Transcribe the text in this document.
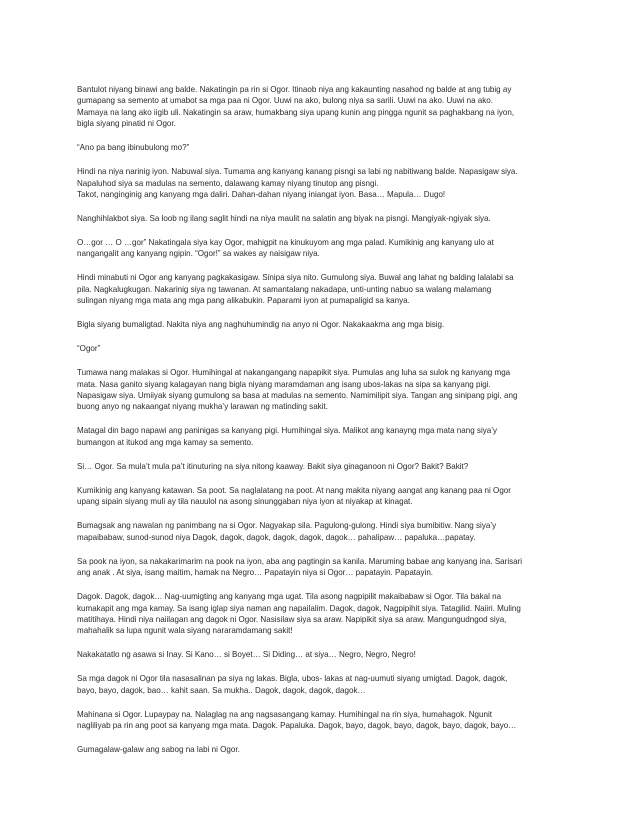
Bantulot niyang binawi ang balde. Nakatingin pa rin si Ogor. Itinaob niya ang kakaunting nasahod ng balde at ang tubig ay
gumapang sa semento at umabot sa mga paa ni Ogor. Uuwi na ako, bulong niya sa sarili. Uuwi na ako. Uuwi na ako.
Mamaya na lang ako iigib uli. Nakatingin sa araw, humakbang siya upang kunin ang pingga ngunit sa paghakbang na iyon,
bigla siyang pinatid ni Ogor.

“Ano pa bang ibinubulong mo?”

Hindi na niya narinig iyon. Nabuwal siya. Tumama ang kanyang kanang pisngi sa labi ng nabitiwang balde. Napasigaw siya.
Napaluhod siya sa madulas na semento, dalawang kamay niyang tinutop ang pisngi.
Takot, nanginginig ang kanyang mga daliri. Dahan-dahan niyang iniangat iyon. Basa… Mapula… Dugo!

Nanghihlakbot siya. Sa loob ng ilang saglit hindi na niya maulit na salatin ang biyak na pisngi. Mangiyak-ngiyak siya.

O…gor … O …gor” Nakatingala siya kay Ogor, mahigpit na kinukuyom ang mga palad. Kumikinig ang kanyang ulo at
nangangalit ang kanyang ngipin. “Ogor!” sa wakes ay naisigaw niya.

Hindi minabuti ni Ogor ang kanyang pagkakasigaw. Sinipa siya nito. Gumulong siya. Buwal ang lahat ng balding lalalabi sa
pila. Nagkalugkugan. Nakarinig siya ng tawanan. At samantalang nakadapa, unti-unting nabuo sa walang malamang
sulingan niyang mga mata ang mga pang alikabukin. Paparami iyon at pumapaligid sa kanya.

Bigla siyang bumaligtad. Nakita niya ang naghuhumindig na anyo ni Ogor. Nakakaakma ang mga bisig.

“Ogor”

Tumawa nang malakas si Ogor. Humihingal at nakangangang napapikit siya. Pumulas ang luha sa sulok ng kanyang mga
mata. Nasa ganito siyang kalagayan nang bigla niyang maramdaman ang isang ubos-lakas na sipa sa kanyang pigi.
Napasigaw siya. Umiiyak siyang gumulong sa basa at madulas na semento. Namimilipit siya. Tangan ang sinipang pigi, ang
buong anyo ng nakaangat niyang mukha’y larawan ng matinding sakit.

Matagal din bago napawi ang paninigas sa kanyang pigi. Humihingal siya. Malikot ang kanayng mga mata nang siya’y
bumangon at itukod ang mga kamay sa semento.

Si… Ogor. Sa mula’t mula pa’t itinuturing na siya nitong kaaway. Bakit siya ginaganoon ni Ogor? Bakit? Bakit?

Kumikinig ang kanyang katawan. Sa poot. Sa naglalatang na poot. At nang makita niyang aangat ang kanang paa ni Ogor
upang sipain siyang muli ay tila nauulol na asong sinunggaban niya iyon at niyakap at kinagat.

Bumagsak ang nawalan ng panimbang na si Ogor. Nagyakap sila. Pagulong-gulong. Hindi siya bumibitiw. Nang siya’y
mapaibabaw, sunod-sunod niya Dagok, dagok, dagok, dagok, dagok, dagok… pahalipaw… papaluka…papatay.

Sa pook na iyon, sa nakakarimarim na pook na iyon, aba ang pagtingin sa kanila. Maruming babae ang kanyang ina. Sarisari
ang anak . At siya, isang maitim, hamak na Negro… Papatayin niya si Ogor… papatayin. Papatayin.

Dagok. Dagok, dagok… Nag-uumigting ang kanyang mga ugat. Tila asong nagpipilit makaibabaw si Ogor. Tila bakal na
kumakapit ang mga kamay. Sa isang iglap siya naman ang napailalim. Dagok, dagok, Nagpipihit siya. Tatagilid. Naiiri. Muling
matitihaya. Hindi niya naiilagan ang dagok ni Ogor. Nasisilaw siya sa araw. Napipikit siya sa araw. Mangungudngod siya,
mahahalik sa lupa ngunit wala siyang nararamdamang sakit!

Nakakatatlo ng asawa si Inay. Si Kano… si Boyet… Si Diding… at siya… Negro, Negro, Negro!

Sa mga dagok ni Ogor tila nasasalinan pa siya ng lakas. Bigla, ubos- lakas at nag-uumuti siyang umigtad. Dagok, dagok,
bayo, bayo, dagok, bao… kahit saan. Sa mukha.. Dagok, dagok, dagok, dagok…

Mahinana si Ogor. Lupaypay na. Nalaglag na ang nagsasangang kamay. Humihingal na rin siya, humahagok. Ngunit
nagliliyab pa rin ang poot sa kanyang mga mata. Dagok. Papaluka. Dagok, bayo, dagok, bayo, dagok, bayo, dagok, bayo…

Gumagalaw-galaw ang sabog na labi ni Ogor.
